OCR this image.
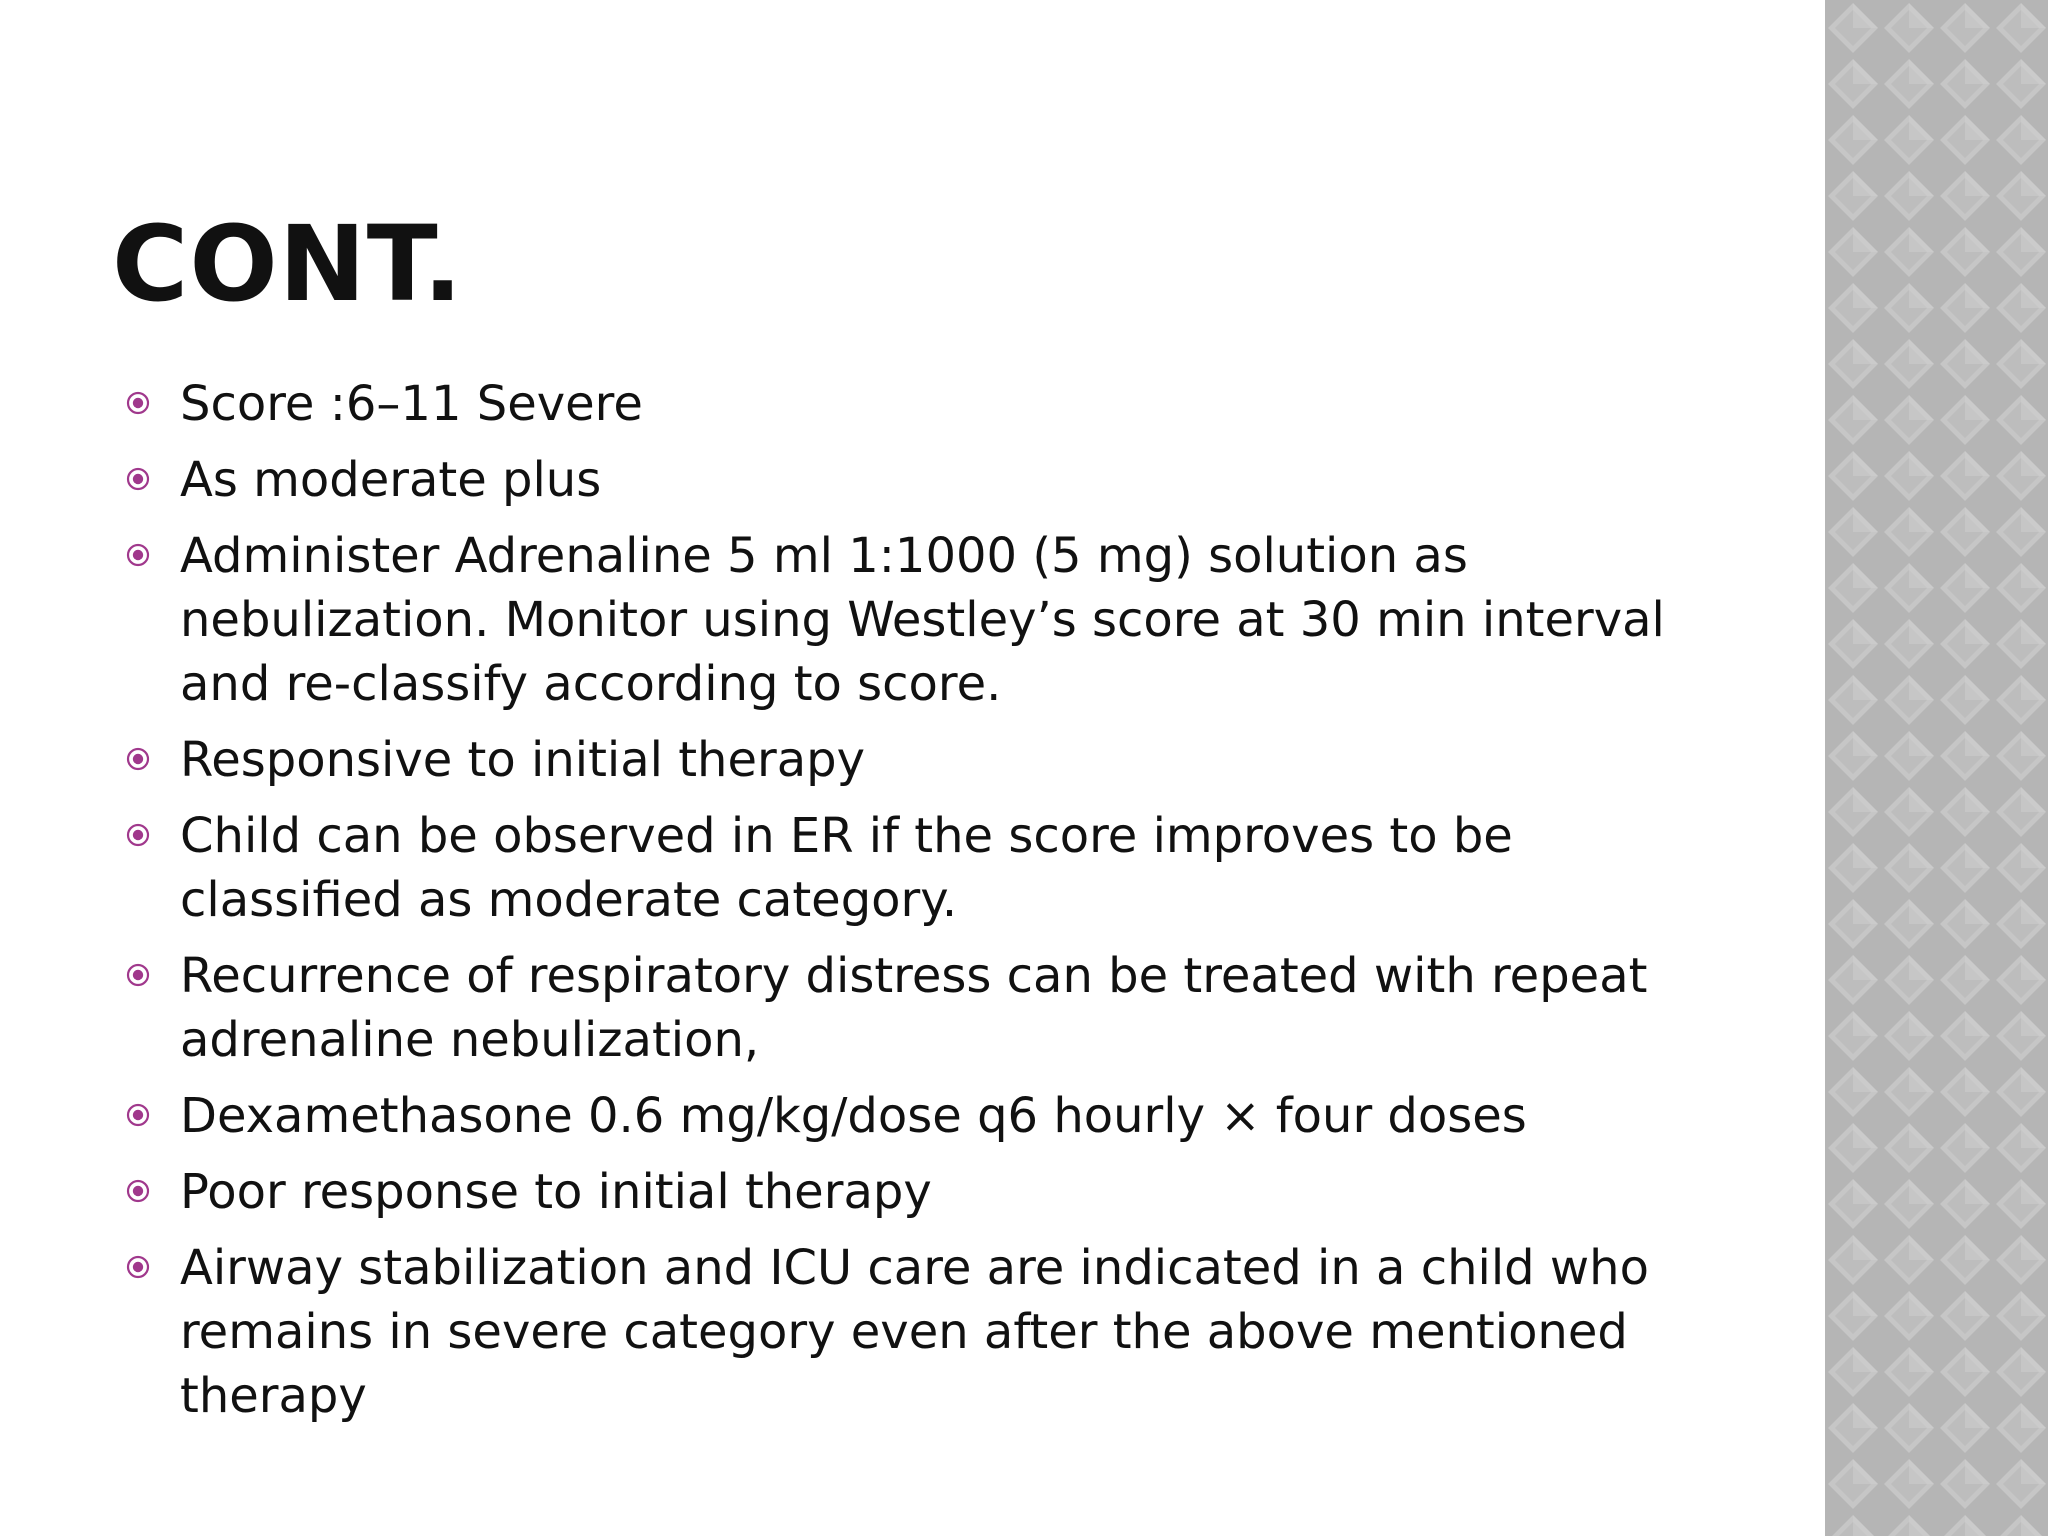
CONT.
Score :6–11 Severe
As moderate plus
Administer Adrenaline 5 ml 1:1000 (5 mg) solution as nebulization. Monitor using Westley’s score at 30 min interval and re-classify according to score.
Responsive to initial therapy
Child can be observed in ER if the score improves to be classified as moderate category.
Recurrence of respiratory distress can be treated with repeat adrenaline nebulization,
Dexamethasone 0.6 mg/kg/dose q6 hourly × four doses
Poor response to initial therapy
Airway stabilization and ICU care are indicated in a child who remains in severe category even after the above mentioned therapy
